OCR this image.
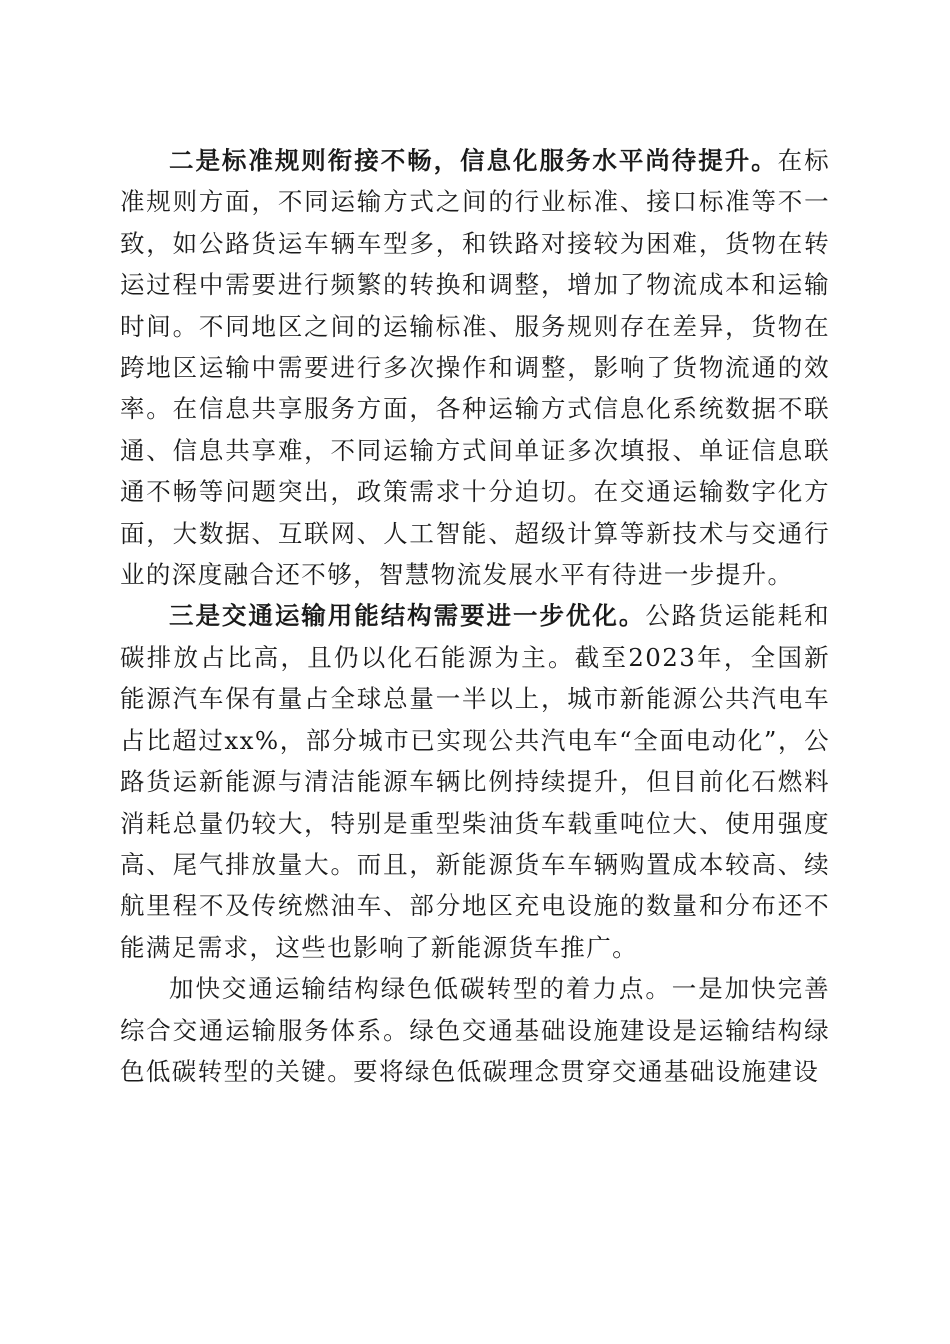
二是标准规则衔接不畅，信息化服务水平尚待提升。在标准规则方面，不同运输方式之间的行业标准、接口标准等不一致，如公路货运车辆车型多，和铁路对接较为困难，货物在转运过程中需要进行频繁的转换和调整，增加了物流成本和运输时间。不同地区之间的运输标准、服务规则存在差异，货物在跨地区运输中需要进行多次操作和调整，影响了货物流通的效率。在信息共享服务方面，各种运输方式信息化系统数据不联通、信息共享难，不同运输方式间单证多次填报、单证信息联通不畅等问题突出，政策需求十分迫切。在交通运输数字化方面，大数据、互联网、人工智能、超级计算等新技术与交通行业的深度融合还不够，智慧物流发展水平有待进一步提升。

三是交通运输用能结构需要进一步优化。公路货运能耗和碳排放占比高，且仍以化石能源为主。截至2023年，全国新能源汽车保有量占全球总量一半以上，城市新能源公共汽电车占比超过xx%，部分城市已实现公共汽电车“全面电动化”，公路货运新能源与清洁能源车辆比例持续提升，但目前化石燃料消耗总量仍较大，特别是重型柴油货车载重吨位大、使用强度高、尾气排放量大。而且，新能源货车车辆购置成本较高、续航里程不及传统燃油车、部分地区充电设施的数量和分布还不能满足需求，这些也影响了新能源货车推广。

加快交通运输结构绿色低碳转型的着力点。一是加快完善综合交通运输服务体系。绿色交通基础设施建设是运输结构绿色低碳转型的关键。要将绿色低碳理念贯穿交通基础设施建设
